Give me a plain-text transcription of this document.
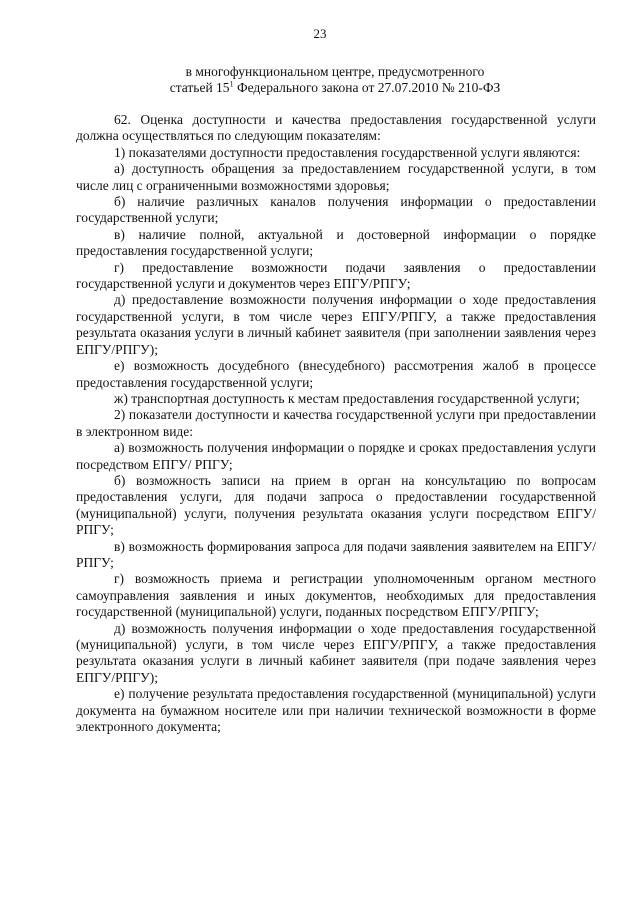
23
в многофункциональном центре, предусмотренного
статьей $15^1$ Федерального закона от 27.07.2010 № 210-ФЗ

62. Оценка доступности и качества предоставления государственной услуги должна осуществляться по следующим показателям:

1) показателями доступности предоставления государственной услуги являются:

а) доступность обращения за предоставлением государственной услуги, в том числе лиц с ограниченными возможностями здоровья;

б) наличие различных каналов получения информации о предоставлении государственной услуги;

в) наличие полной, актуальной и достоверной информации о порядке предоставления государственной услуги;

г) предоставление возможности подачи заявления о предоставлении государственной услуги и документов через ЕПГУ/РПГУ;

д) предоставление возможности получения информации о ходе предоставления государственной услуги, в том числе через ЕПГУ/РПГУ, а также предоставления результата оказания услуги в личный кабинет заявителя (при заполнении заявления через ЕПГУ/РПГУ);

е) возможность досудебного (внесудебного) рассмотрения жалоб в процессе предоставления государственной услуги;

ж) транспортная доступность к местам предоставления государственной услуги;

2) показатели доступности и качества государственной услуги при предоставлении в электронном виде:

а) возможность получения информации о порядке и сроках предоставления услуги посредством ЕПГУ/ РПГУ;

б) возможность записи на прием в орган на консультацию по вопросам предоставления услуги, для подачи запроса о предоставлении государственной (муниципальной) услуги, получения результата оказания услуги посредством ЕПГУ/РПГУ;

в) возможность формирования запроса для подачи заявления заявителем на ЕПГУ/РПГУ;

г) возможность приема и регистрации уполномоченным органом местного самоуправления заявления и иных документов, необходимых для предоставления государственной (муниципальной) услуги, поданных посредством ЕПГУ/РПГУ;

д) возможность получения информации о ходе предоставления государственной (муниципальной) услуги, в том числе через ЕПГУ/РПГУ, а также предоставления результата оказания услуги в личный кабинет заявителя (при подаче заявления через ЕПГУ/РПГУ);

е) получение результата предоставления государственной (муниципальной) услуги документа на бумажном носителе или при наличии технической возможности в форме электронного документа;
